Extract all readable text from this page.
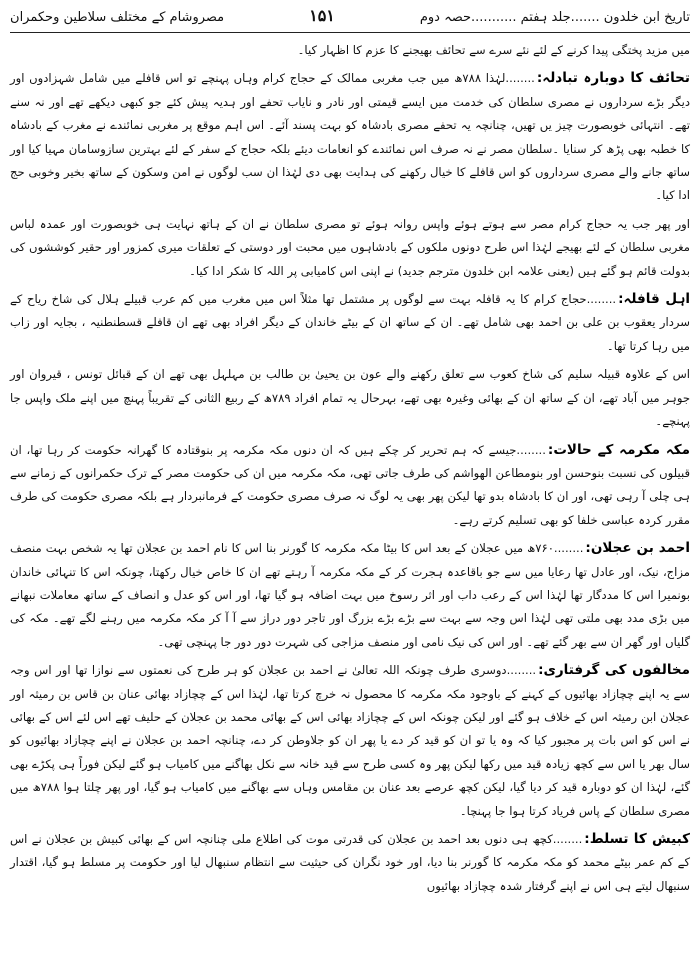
تاریخ ابن خلدون .......جلد ہفتم ...........حصہ دوم
۱۵۱
مصروشام کے مختلف سلاطین وحکمران

میں مزید پختگی پیدا کرنے کے لئے نئے سرے سے تحائف بھیجنے کا عزم کا اظہار کیا۔

تحائف کا دوبارہ تبادلہ :........لہٰذا ۷۸۸ھ میں جب مغربی ممالک کے حجاج کرام وہاں پہنچے تو اس قافلے میں شامل شہزادوں اور دیگر بڑے سرداروں نے مصری سلطان کی خدمت میں ایسے قیمتی اور نادر و نایاب تحفے اور ہدیہ پیش کئے جو کبھی دیکھے تھے اور نہ سنے تھے۔ انتہائی خوبصورت چیز یں تھیں، چنانچہ یہ تحفے مصری بادشاہ کو بہت پسند آئے۔ اس اہم موقع پر مغربی نمائندے نے مغرب کے بادشاہ کا خطبہ بھی پڑھ کر سنایا ۔سلطان مصر نے نہ صرف اس نمائندے کو انعامات دیئے بلکہ حجاج کے سفر کے لئے بہترین سازوسامان مہیا کیا اور ساتھ جانے والے مصری سرداروں کو اس قافلے کا خیال رکھنے کی ہدایت بھی دی لہٰذا ان سب لوگوں نے امن وسکون کے ساتھ بخیر وخوبی حج ادا کیا۔

اور پھر جب یہ حجاج کرام مصر سے ہوتے ہوئے واپس روانہ ہوئے تو مصری سلطان نے ان کے ہاتھ نہایت ہی خوبصورت اور عمدہ لباس مغربی سلطان کے لئے بھیجے لہٰذا اس طرح دونوں ملکوں کے بادشاہوں میں محبت اور دوستی کے تعلقات میری کمزور اور حقیر کوششوں کی بدولت قائم ہو گئے ہیں (یعنی علامہ ابن خلدون مترجم جدید) نے اپنی اس کامیابی پر اللہ کا شکر ادا کیا۔

اہل قافلہ :........حجاج کرام کا یہ قافلہ بہت سے لوگوں پر مشتمل تھا مثلاً اس میں مغرب میں کم عرب قبیلے ہلال کی شاخ ریاح کے سردار یعقوب بن علی بن احمد بھی شامل تھے۔ ان کے ساتھ ان کے بیٹے خاندان کے دیگر افراد بھی تھے ان قافلے قسطنطنیہ ، بجایہ اور زاب میں رہا کرتا تھا۔

اس کے علاوہ قبیلہ سلیم کی شاخ کعوب سے تعلق رکھنے والے عون بن یحییٰ بن طالب بن مہلہل بھی تھے ان کے قبائل تونس ، قیروان اور جوہر میں آباد تھے، ان کے ساتھ ان کے بھائی وغیرہ بھی تھے، بہرحال یہ تمام افراد ۷۸۹ھ کے ربیع الثانی کے تقریباً پہنچ میں اپنے ملک واپس جا پہنچے۔

مکہ مکرمہ کے حالات :........جیسے کہ ہم تحریر کر چکے ہیں کہ ان دنوں مکہ مکرمہ پر بنوقتادہ کا گھرانہ حکومت کر رہا تھا، ان قبیلوں کی نسبت بنوحسن اور بنومطاعن الھواشم کی طرف جاتی تھی، مکہ مکرمہ میں ان کی حکومت مصر کے ترک حکمرانوں کے زمانے سے ہی چلی آ رہی تھی، اور ان کا بادشاہ بدو تھا لیکن پھر بھی یہ لوگ نہ صرف مصری حکومت کے فرمانبردار ہے بلکہ مصری حکومت کی طرف مقرر کردہ عباسی خلفا کو بھی تسلیم کرتے رہے۔

احمد بن عجلان :........۷۶۰ھ میں عجلان کے بعد اس کا بیٹا مکہ مکرمہ کا گورنر بنا اس کا نام احمد بن عجلان تھا یہ شخص بہت منصف مزاج، نیک، اور عادل تھا رعایا میں سے جو باقاعدہ ہجرت کر کے مکہ مکرمہ آ رہتے تھے ان کا خاص خیال رکھتا، چونکہ اس کا تنہائی خاندان بونمیرا اس کا مددگار تھا لہٰذا اس کے رعب داب اور اثر رسوخ میں بہت اضافہ ہو گیا تھا، اور اس کو عدل و انصاف کے ساتھ معاملات نبھانے میں بڑی مدد بھی ملتی تھی لہٰذا اس وجہ سے بہت سے بڑے بڑے بزرگ اور تاجر دور دراز سے آ آ کر مکہ مکرمہ میں رہنے لگے تھے۔ مکہ کی گلیاں اور گھر ان سے بھر گئے تھے۔ اور اس کی نیک نامی اور منصف مزاجی کی شہرت دور دور جا پہنچی تھی۔

مخالفوں کی گرفتاری :........دوسری طرف چونکہ اللہ تعالیٰ نے احمد بن عجلان کو ہر طرح کی نعمتوں سے نوازا تھا اور اس وجہ سے یہ اپنے چچازاد بھائیوں کے کہنے کے باوجود مکہ مکرمہ کا محصول نہ خرچ کرتا تھا، لہٰذا اس کے چچازاد بھائی عنان بن قاس بن رمیثہ اور عجلان ابن رمیثہ اس کے خلاف ہو گئے اور لیکن چونکہ اس کے چچازاد بھائی اس کے بھائی محمد بن عجلان کے حلیف تھے اس لئے اس کے بھائی نے اس کو اس بات پر مجبور کیا کہ وہ یا تو ان کو قید کر دے یا پھر ان کو جلاوطن کر دے، چنانچہ احمد بن عجلان نے اپنے چچازاد بھائیوں کو سال بھر یا اس سے کچھ زیادہ قید میں رکھا لیکن پھر وہ کسی طرح سے قید خانہ سے نکل بھاگنے میں کامیاب ہو گئے لیکن فوراً ہی پکڑے بھی گئے، لہٰذا ان کو دوبارہ قید کر دیا گیا، لیکن کچھ عرصے بعد عنان بن مقامس وہاں سے بھاگنے میں کامیاب ہو گیا، اور پھر چلتا ہوا ۷۸۸ھ میں مصری سلطان کے پاس فریاد کرتا ہوا جا پہنچا۔

کبیش کا تسلط :........کچھ ہی دنوں بعد احمد بن عجلان کی قدرتی موت کی اطلاع ملی چنانچہ اس کے بھائی کبیش بن عجلان نے اس کے کم عمر بیٹے محمد کو مکہ مکرمہ کا گورنر بنا دیا، اور خود نگران کی حیثیت سے انتظام سنبھال لیا اور حکومت پر مسلط ہو گیا، اقتدار سنبھال لیتے ہی اس نے اپنے گرفتار شدہ چچازاد بھائیوں
